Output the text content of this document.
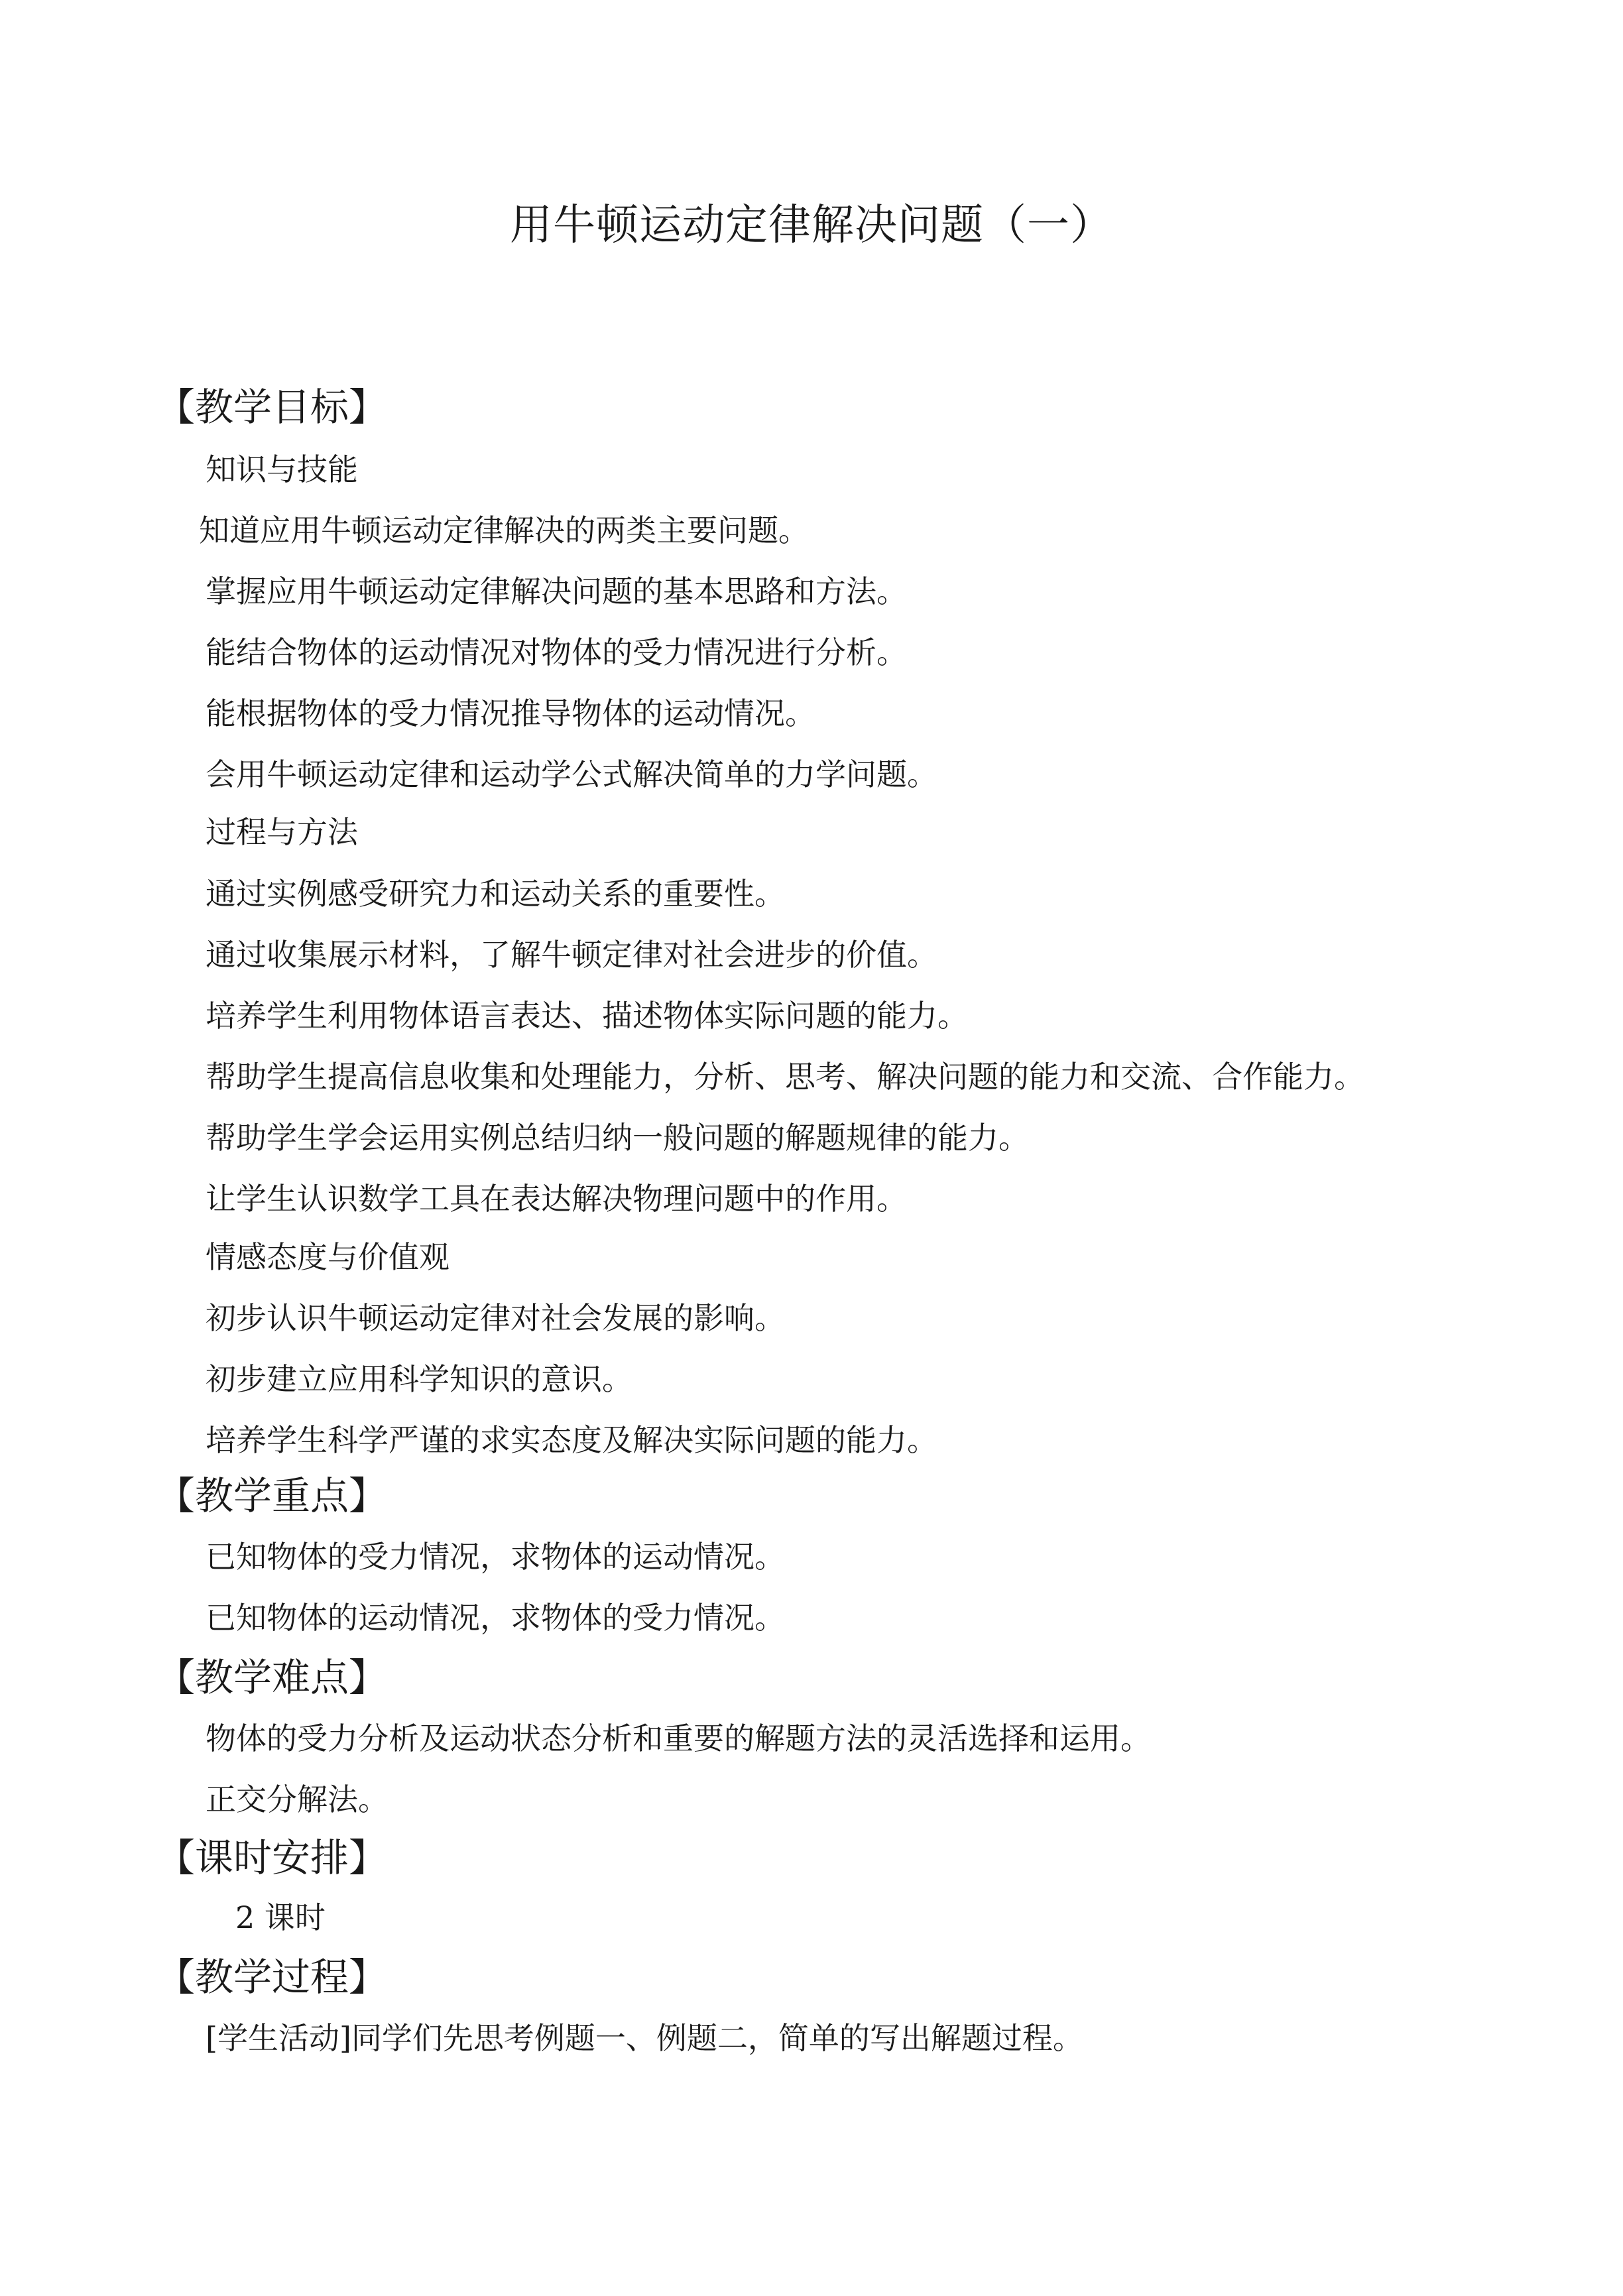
用牛顿运动定律解决问题（一）
【教学目标】
知识与技能
知道应用牛顿运动定律解决的两类主要问题。
掌握应用牛顿运动定律解决问题的基本思路和方法。
能结合物体的运动情况对物体的受力情况进行分析。
能根据物体的受力情况推导物体的运动情况。
会用牛顿运动定律和运动学公式解决简单的力学问题。
过程与方法
通过实例感受研究力和运动关系的重要性。
通过收集展示材料，了解牛顿定律对社会进步的价值。
培养学生利用物体语言表达、描述物体实际问题的能力。
帮助学生提高信息收集和处理能力，分析、思考、解决问题的能力和交流、合作能力。
帮助学生学会运用实例总结归纳一般问题的解题规律的能力。
让学生认识数学工具在表达解决物理问题中的作用。
情感态度与价值观
初步认识牛顿运动定律对社会发展的影响。
初步建立应用科学知识的意识。
培养学生科学严谨的求实态度及解决实际问题的能力。
【教学重点】
已知物体的受力情况，求物体的运动情况。
已知物体的运动情况，求物体的受力情况。
【教学难点】
物体的受力分析及运动状态分析和重要的解题方法的灵活选择和运用。
正交分解法。
【课时安排】
2 课时
【教学过程】
[学生活动]同学们先思考例题一、例题二，简单的写出解题过程。
